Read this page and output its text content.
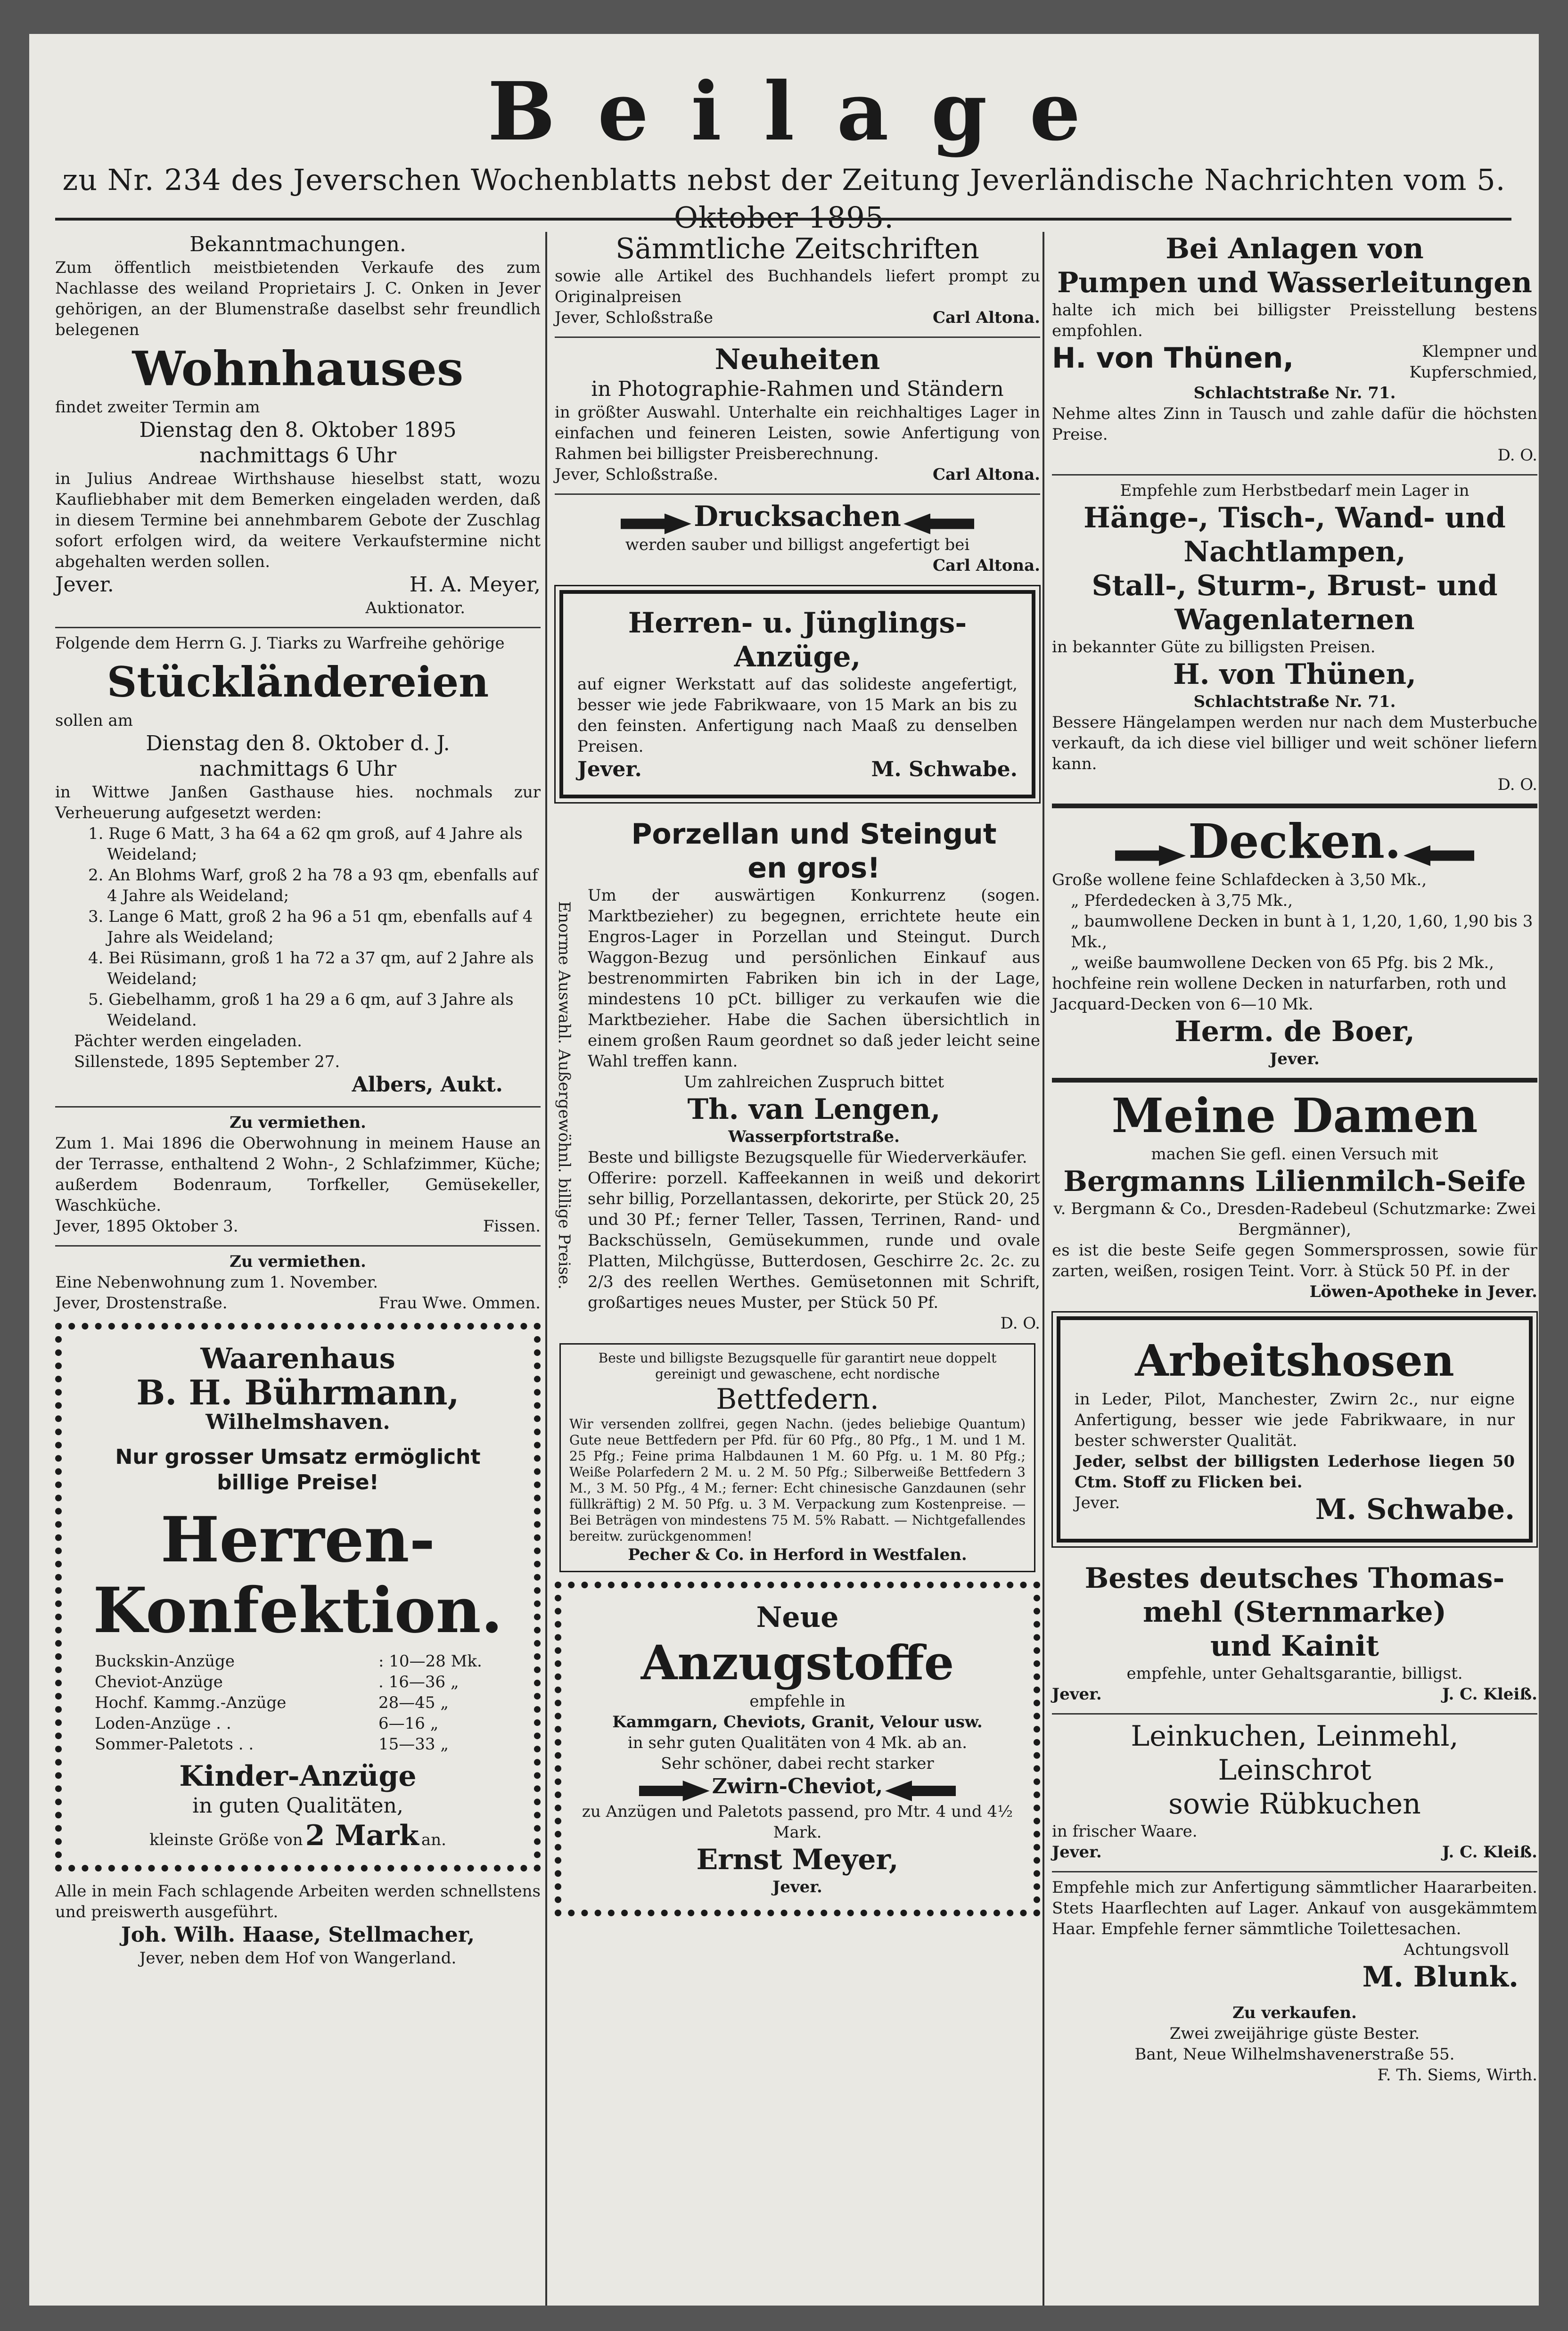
Beilage
zu Nr. 234 des Jeverschen Wochenblatts nebst der Zeitung Jeverländische Nachrichten vom 5. Oktober 1895.
Bekanntmachungen.
Zum öffentlich meistbietenden Verkaufe des zum Nachlasse des weiland Proprietairs J. C. Onken in Jever gehörigen, an der Blumenstraße daselbst sehr freundlich belegenen
Wohnhauses
findet zweiter Termin am
Dienstag den 8. Oktober 1895
nachmittags 6 Uhr
in Julius Andreae Wirthshause hieselbst statt, wozu Kaufliebhaber mit dem Bemerken eingeladen werden, daß in diesem Termine bei annehmbarem Gebote der Zuschlag sofort erfolgen wird, da weitere Verkaufstermine nicht abgehalten werden sollen.
Jever.	H. A. Meyer,
Auktionator.
Folgende dem Herrn G. J. Tiarks zu Warfreihe gehörige
Stückländereien
sollen am
Dienstag den 8. Oktober d. J.
nachmittags 6 Uhr
in Wittwe Janßen Gasthause hies. nochmals zur Verheuerung aufgesetzt werden:
1. Ruge 6 Matt, 3 ha 64 a 62 qm groß, auf 4 Jahre als Weideland;
2. An Blohms Warf, groß 2 ha 78 a 93 qm, ebenfalls auf 4 Jahre als Weideland;
3. Lange 6 Matt, groß 2 ha 96 a 51 qm, ebenfalls auf 4 Jahre als Weideland;
4. Bei Rüsimann, groß 1 ha 72 a 37 qm, auf 2 Jahre als Weideland;
5. Giebelhamm, groß 1 ha 29 a 6 qm, auf 3 Jahre als Weideland.
Pächter werden eingeladen.
Sillenstede, 1895 September 27.
Albers, Aukt.
Zu vermiethen.
Zum 1. Mai 1896 die Oberwohnung in meinem Hause an der Terrasse, enthaltend 2 Wohn-, 2 Schlafzimmer, Küche; außerdem Bodenraum, Torfkeller, Gemüsekeller, Waschküche.
Jever, 1895 Oktober 3.	Fissen.
Zu vermiethen.
Eine Nebenwohnung zum 1. November.
Jever, Drostenstraße.	Frau Wwe. Ommen.
Waarenhaus
B. H. Bührmann,
Wilhelmshaven.
Nur grosser Umsatz ermöglicht
billige Preise!
Herren-
Konfektion.
Buckskin-Anzüge	: 10—28 Mk.
Cheviot-Anzüge	. 16—36 „
Hochf. Kammg.-Anzüge	28—45 „
Loden-Anzüge . .	6—16 „
Sommer-Paletots . .	15—33 „
Kinder-Anzüge
in guten Qualitäten,
kleinste Größe von 2 Mark an.
Alle in mein Fach schlagende Arbeiten werden schnellstens und preiswerth ausgeführt.
Joh. Wilh. Haase, Stellmacher,
Jever, neben dem Hof von Wangerland.
Sämmtliche Zeitschriften
sowie alle Artikel des Buchhandels liefert prompt zu Originalpreisen
Jever, Schloßstraße	Carl Altona.
Neuheiten
in Photographie-Rahmen und Ständern
in größter Auswahl. Unterhalte ein reichhaltiges Lager in einfachen und feineren Leisten, sowie Anfertigung von Rahmen bei billigster Preisberechnung.
Jever, Schloßstraße.	Carl Altona.
Drucksachen
werden sauber und billigst angefertigt bei
Carl Altona.
Herren- u. Jünglings-
Anzüge,
auf eigner Werkstatt auf das solideste angefertigt, besser wie jede Fabrikwaare, von 15 Mark an bis zu den feinsten. Anfertigung nach Maaß zu denselben Preisen.
Jever.	M. Schwabe.
Porzellan und Steingut
en gros!
Um der auswärtigen Konkurrenz (sogen. Marktbezieher) zu begegnen, errichtete heute ein Engros-Lager in Porzellan und Steingut. Durch Waggon-Bezug und persönlichen Einkauf aus bestrenommirten Fabriken bin ich in der Lage, mindestens 10 pCt. billiger zu verkaufen wie die Marktbezieher. Habe die Sachen übersichtlich in einem großen Raum geordnet so daß jeder leicht seine Wahl treffen kann.
Um zahlreichen Zuspruch bittet
Th. van Lengen,
Wasserpfortstraße.
Beste und billigste Bezugsquelle für Wiederverkäufer.
Offerire: porzell. Kaffeekannen in weiß und dekorirt sehr billig, Porzellantassen, dekorirte, per Stück 20, 25 und 30 Pf.; ferner Teller, Tassen, Terrinen, Rand- und Backschüsseln, Gemüsekummen, runde und ovale Platten, Milchgüsse, Butterdosen, Geschirre 2c. 2c. zu 2/3 des reellen Werthes. Gemüsetonnen mit Schrift, großartiges neues Muster, per Stück 50 Pf.
D. O.
Beste und billigste Bezugsquelle für garantirt neue doppelt gereinigt und gewaschene, echt nordische
Bettfedern.
Wir versenden zollfrei, gegen Nachn. (jedes beliebige Quantum) Gute neue Bettfedern per Pfd. für 60 Pfg., 80 Pfg., 1 M. und 1 M. 25 Pfg.; Feine prima Halbdaunen 1 M. 60 Pfg. u. 1 M. 80 Pfg.; Weiße Polarfedern 2 M. u. 2 M. 50 Pfg.; Silberweiße Bettfedern 3 M., 3 M. 50 Pfg., 4 M.; ferner: Echt chinesische Ganzdaunen (sehr füllkräftig) 2 M. 50 Pfg. u. 3 M. Verpackung zum Kostenpreise. — Bei Beträgen von mindestens 75 M. 5% Rabatt. — Nichtgefallendes bereitw. zurückgenommen!
Pecher & Co. in Herford in Westfalen.
Neue
Anzugstoffe
empfehle in
Kammgarn, Cheviots, Granit, Velour usw.
in sehr guten Qualitäten von 4 Mk. ab an.
Sehr schöner, dabei recht starker
Zwirn-Cheviot,
zu Anzügen und Paletots passend, pro Mtr. 4 und 4½ Mark.
Ernst Meyer,
Jever.
Enorme Auswahl. Außergewöhnl. billige Preise.
Bei Anlagen von
Pumpen und Wasserleitungen
halte ich mich bei billigster Preisstellung bestens empfohlen.
H. von Thünen,	Klempner und Kupferschmied,
Schlachtstraße Nr. 71.
Nehme altes Zinn in Tausch und zahle dafür die höchsten Preise.
D. O.
Empfehle zum Herbstbedarf mein Lager in
Hänge-, Tisch-, Wand- und
Nachtlampen,
Stall-, Sturm-, Brust- und
Wagenlaternen
in bekannter Güte zu billigsten Preisen.
H. von Thünen,
Schlachtstraße Nr. 71.
Bessere Hängelampen werden nur nach dem Musterbuche verkauft, da ich diese viel billiger und weit schöner liefern kann.
D. O.
Decken.
Große wollene feine Schlafdecken à 3,50 Mk.,
„ Pferdedecken à 3,75 Mk.,
„ baumwollene Decken in bunt à 1, 1,20, 1,60, 1,90 bis 3 Mk.,
„ weiße baumwollene Decken von 65 Pfg. bis 2 Mk.,
hochfeine rein wollene Decken in naturfarben, roth und Jacquard-Decken von 6—10 Mk.
Herm. de Boer,
Jever.
Meine Damen
machen Sie gefl. einen Versuch mit
Bergmanns Lilienmilch-Seife
v. Bergmann & Co., Dresden-Radebeul (Schutzmarke: Zwei Bergmänner),
es ist die beste Seife gegen Sommersprossen, sowie für zarten, weißen, rosigen Teint. Vorr. à Stück 50 Pf. in der
Löwen-Apotheke in Jever.
Arbeitshosen
in Leder, Pilot, Manchester, Zwirn 2c., nur eigne Anfertigung, besser wie jede Fabrikwaare, in nur bester schwerster Qualität.
Jeder, selbst der billigsten Lederhose liegen 50 Ctm. Stoff zu Flicken bei.
Jever.	M. Schwabe.
Bestes deutsches Thomas-
mehl (Sternmarke)
und Kainit
empfehle, unter Gehaltsgarantie, billigst.
Jever.	J. C. Kleiß.
Leinkuchen, Leinmehl, Leinschrot
sowie Rübkuchen
in frischer Waare.
Jever.	J. C. Kleiß.
Empfehle mich zur Anfertigung sämmtlicher Haararbeiten. Stets Haarflechten auf Lager. Ankauf von ausgekämmtem Haar. Empfehle ferner sämmtliche Toilettesachen.
Achtungsvoll
M. Blunk.
Zu verkaufen.
Zwei zweijährige güste Bester.
Bant, Neue Wilhelmshavenerstraße 55.
F. Th. Siems, Wirth.
